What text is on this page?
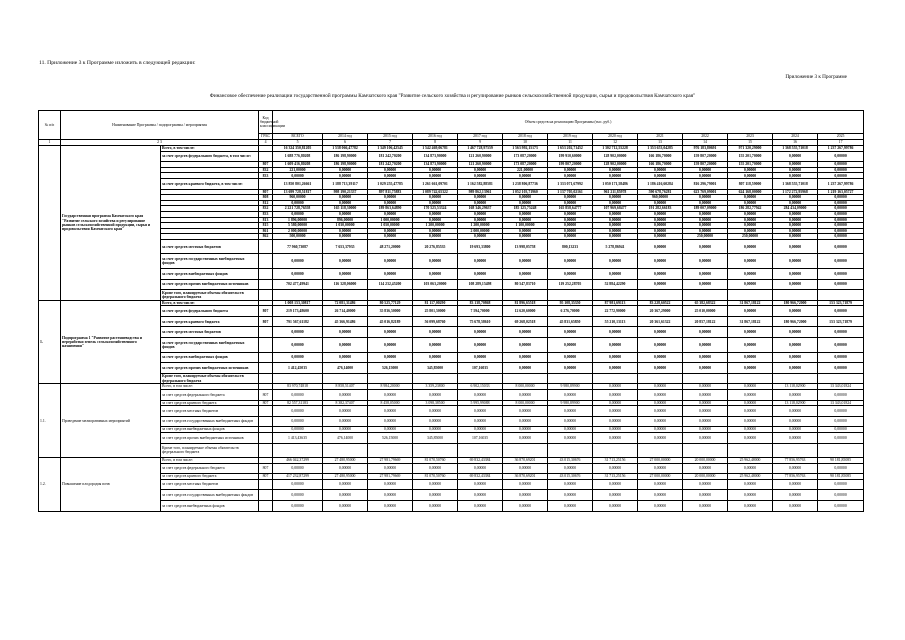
11. Приложение 3 к Программе изложить в следующей редакции:
Приложение 3 к Программе
Финансовое обеспечение реализации государственной программы Камчатского края "Развитие сельского хозяйства и регулирование рынков сельскохозяйственной продукции, сырья и продовольствия Камчатского края"
№ п/п	Наименование Программы / подпрограммы / мероприятия		Код бюджетной классификации	Объем средств на реализацию Программы (тыс. руб.)												
			ГРБС	ВСЕГО	2014 год	2015 год	2016 год	2017 год	2018 год	2019 год	2020 год	2021	2022	2023	2024	2025
1	2 3		4	5	6	7	8	9	10	11	12	13	14	15	16	17
	Государственная программа Камчатского края "Развитие сельского хозяйства и регулирование рынков сельскохозяйственной продукции, сырья и продовольствия Камчатского края"	Всего, в том числе:		16 324 350,81205	1 538 066,47782	1 349 106,42545	1 542 469,06781	1 467 728,97559	1 563 992,15173	1 653 202,71452	1 302 712,55228	1 353 653,04285	976 183,80691	971 320,29000	1 368 555,71018	1 237 267,99786
		за счет средств федерального бюджета, в том числе:		1 688 776,80208	186 198,90000	181 242,70200	134 873,90000	121 260,90000	173 087,20000	199 910,60000	128 902,00000	166 186,70000	159 807,20000	155 201,70000	0,00000	0,00000
			807	1 609 416,80208	186 198,90000	181 242,70200	134 873,90000	121 260,90000	173 087,20000	199 807,20000	128 902,00000	166 186,70000	159 807,20000	155 201,70000	0,00000	0,00000
			832	221,00000	0,00000	0,00000	0,00000	0,00000	221,00000	0,00000	0,00000	0,00000	0,00000	0,00000	0,00000	0,00000
			833	0,00000	0,00000	0,00000	0,00000	0,00000	0,00000	0,00000	0,00000	0,00000	0,00000	0,00000	0,00000	0,00000
		за счет средств краевого бюджета, в том числе:		13 850 801,26661	1 188 713,39117	1 029 255,47785	1 261 661,09701	1 162 582,88581	1 238 806,87736	1 333 071,67992	1 050 171,58486	1 186 416,60284	816 296,79001	807 118,59000	1 368 555,71018	1 237 267,99786
			807	13 699 728,51817	998 190,21337	897 811,75883	1 089 742,65322	989 862,13961	1 052 103,71960	1 137 705,02161	961 211,85978	590 678,76281	623 769,09001	624 168,00000	1 172 272,95968	1 219 163,05727
			808	960,00000	0,00000	0,00000	0,00000	0,00000	0,00000	0,00000	0,00000	960,00000	0,00000	0,00000	0,00000	0,00000
			812	0,00000	0,00000	0,00000	0,00000	0,00000	0,00000	0,00000	0,00000	0,00000	0,00000	0,00000	0,00000	0,00000
			832	2 221 728,76558	165 118,30000	189 863,64890	170 525,53324	168 346,29637	185 125,75248	165 858,64777	107 969,68477	191 282,66183	189 007,09000	186 282,77942	284 434,09000	0,00000
			833	0,00000	0,00000	0,00000	0,00000	0,00000	0,00000	0,00000	0,00000	0,00000	0,00000	0,00000	0,00000	0,00000
			813	1 896,00000	896,00000	1 000,00000	0,00000	0,00000	0,00000	0,00000	0,00000	0,00000	0,00000	0,00000	0,00000	0,00000
			815	5 580,00000	1 030,00000	1 050,00000	1 200,00000	1 200,00000	1 100,00000	0,00000	0,00000	0,00000	0,00000	0,00000	0,00000	0,00000
			861	2 000,00000	0,00000	0,00000	0,00000	2 000,00000	0,00000	0,00000	0,00000	0,00000	0,00000	0,00000	0,00000	0,00000
			862	500,00000	0,00000	0,00000	0,00000	0,00000	0,00000	0,00000	0,00000	0,00000	250,00000	250,00000	0,00000	0,00000
		за счет средств местных бюджетов		77 960,73087	7 653,37935	48 271,20000	20 276,85535	19 693,33800	13 998,05758	800,13233	5 278,86941	0,00000	0,00000	0,00000	0,00000	0,00000
		за счет средств государственных внебюджетных фондов		0,00000	0,00000	0,00000	0,00000	0,00000	0,00000	0,00000	0,00000	0,00000	0,00000	0,00000	0,00000	0,00000
		за счет средств внебюджетных фондов		0,00000	0,00000	0,00000	0,00000	0,00000	0,00000	0,00000	0,00000	0,00000	0,00000	0,00000	0,00000	0,00000
		за счет средств прочих внебюджетных источников		702 477,49941	116 328,06000	114 232,45200	103 063,20000	108 289,15498	80 547,83710	119 252,28705	52 884,42290	0,00000	0,00000	0,00000	0,00000	0,00000
		Кроме того, планируемые объемы обязательств федерального бюджета														
1.	Подпрограмма 1 "Развитие растениеводства и переработки земель сельскохозяйственного назначения"	Всего, в том числе:		1 008 153,30817	72 081,31486	80 525,77129	81 117,00290	83 138,70868	81 896,65518	95 108,35350	87 981,69113	83 228,60522	65 382,68322	31 867,18122	180 966,72000	153 323,71879
		за счет средств федерального бюджета	807	219 173,48600	26 714,40000	35 836,50000	25 801,50000	7 594,70000	12 620,60000	6 276,70000	22 772,90000	20 367,29000	25 010,00000	0,00000	0,00000	0,00000
		за счет средств краевого бюджета	807	791 567,61182	45 366,91486	45 016,82189	56 099,68760	75 678,58610	69 268,02518	45 831,65850	55 210,13113	20 361,61322	20 857,18122	31 867,18122	180 966,72000	153 323,71879
		за счет средств местных бюджетов		0,00000	0,00000	0,00000	0,00000	0,00000	0,00000	0,00000	0,00000	0,00000	0,00000	0,00000	0,00000	0,00000
		за счет средств государственных внебюджетных фондов		0,00000	0,00000	0,00000	0,00000	0,00000	0,00000	0,00000	0,00000	0,00000	0,00000	0,00000	0,00000	0,00000
		за счет средств внебюджетных фондов		0,00000	0,00000	0,00000	0,00000	0,00000	0,00000	0,00000	0,00000	0,00000	0,00000	0,00000	0,00000	0,00000
		за счет средств прочих внебюджетных источников		1 412,45035	476,14000	526,15000	345,85000	107,16035	0,00000	0,00000	0,00000	0,00000	0,00000	0,00000	0,00000	0,00000
		Кроме того, планируемые объемы обязательств федерального бюджета														
1.1.	Проведение мелиоративных мероприятий	Всего, в том числе:		83 970,74818	8 858,51407	8 984,20000	3 359,23800	6 902,15033	8 000,00000	9 980,89900	0,00000	0,00000	0,00000	0,00000	13 118,02900	13 343,01824
		за счет средств федерального бюджета	807	0,00000	0,00000	0,00000	0,00000	0,00000	0,00000	0,00000	0,00000	0,00000	0,00000	0,00000	0,00000	0,00000
		за счет средств краевого бюджета	807	82 557,31183	8 382,37407	8 458,05000	3 098,38500	5 995,99088	8 000,00000	9 980,89900	0,00000	0,00000	0,00000	0,00000	13 118,02900	13 343,01824
		за счет средств местных бюджетов		0,00000	0,00000	0,00000	0,00000	0,00000	0,00000	0,00000	0,00000	0,00000	0,00000	0,00000	0,00000	0,00000
		за счет средств государственных внебюджетных фондов		0,00000	0,00000	0,00000	0,00000	0,00000	0,00000	0,00000	0,00000	0,00000	0,00000	0,00000	0,00000	0,00000
		за счет средств внебюджетных фондов		0,00000	0,00000	0,00000	0,00000	0,00000	0,00000	0,00000	0,00000	0,00000	0,00000	0,00000	0,00000	0,00000
		за счет средств прочих внебюджетных источников		1 413,43635	476,14000	526,15000	345,85000	107,16035	0,00000	0,00000	0,00000	0,00000	0,00000	0,00000	0,00000	0,00000
		Кроме того, планируемые объемы обязательств федерального бюджета														
1.2.	Повышение плодородия почв	Всего, в том числе:		466 042,37299	27 480,95000	27 981,79669	81 070,50760	69 832,43384	36 870,69201	43 015,30676	31 713,25156	27 000,00000	20 000,00000	25 962,48000	77 856,95763	90 181,85085
		за счет средств федерального бюджета	807	0,00000	0,00000	0,00000	0,00000	0,00000	0,00000	0,00000	0,00000	0,00000	0,00000	0,00000	0,00000	0,00000
		за счет средств краевого бюджета	807	417 232,87299	27 480,95000	27 981,79669	81 070,50760	69 832,43384	36 870,69201	43 015,30676	31 713,25156	27 000,00000	20 000,00000	25 962,48000	77 856,95763	90 181,85085
		за счет средств местных бюджетов		0,00000	0,00000	0,00000	0,00000	0,00000	0,00000	0,00000	0,00000	0,00000	0,00000	0,00000	0,00000	0,00000
		за счет средств государственных внебюджетных фондов		0,00000	0,00000	0,00000	0,00000	0,00000	0,00000	0,00000	0,00000	0,00000	0,00000	0,00000	0,00000	0,00000
		за счет средств внебюджетных фондов		0,00000	0,00000	0,00000	0,00000	0,00000	0,00000	0,00000	0,00000	0,00000	0,00000	0,00000	0,00000	0,00000
